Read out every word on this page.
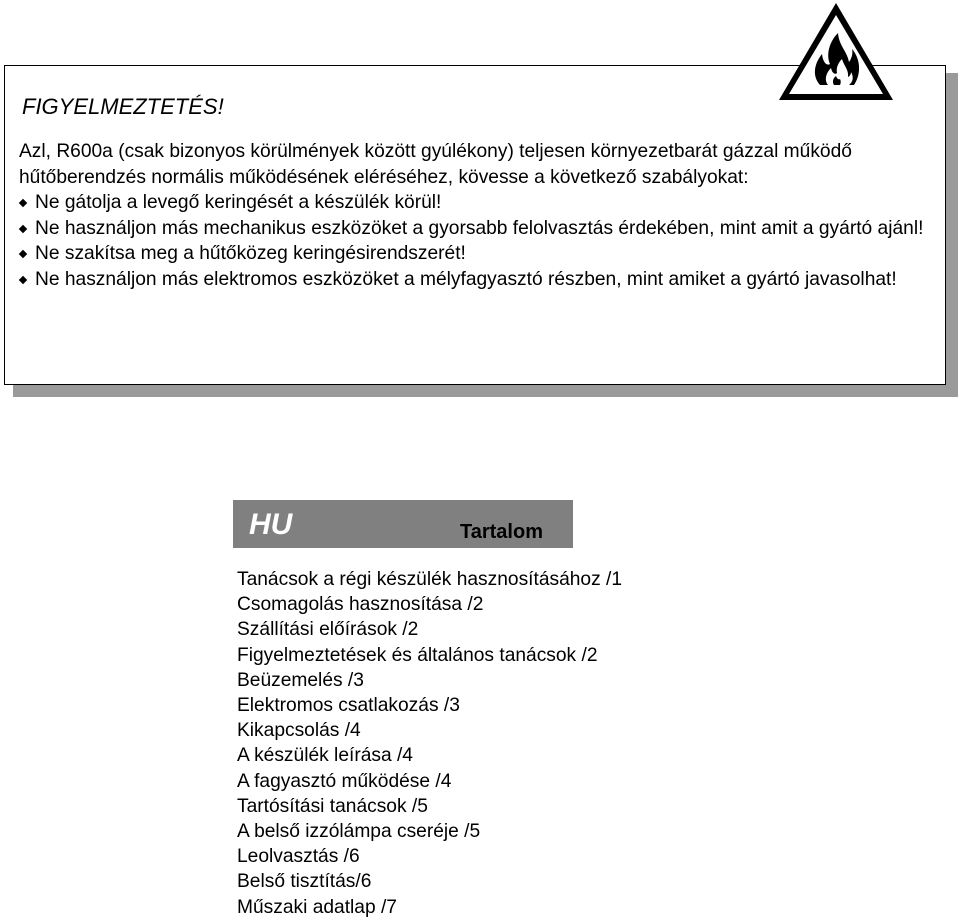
FIGYELMEZTETÉS!

Azl, R600a (csak bizonyos körülmények között gyúlékony) teljesen környezetbarát gázzal működő hűtőberendzés normális működésének eléréséhez, kövesse a következő szabályokat:

Ne gátolja a levegő keringését a készülék körül!
Ne használjon más mechanikus eszközöket a gyorsabb felolvasztás érdekében, mint amit a gyártó ajánl!
Ne szakítsa meg a hűtőközeg keringésirendszerét!
Ne használjon más elektromos eszközöket a mélyfagyasztó részben, mint amiket a gyártó javasolhat!
HU	Tartalom
Tanácsok a régi készülék hasznosításához /1
Csomagolás hasznosítása /2
Szállítási előírások /2
Figyelmeztetések és általános tanácsok /2
Beüzemelés /3
Elektromos csatlakozás /3
Kikapcsolás /4
A készülék leírása /4
A fagyasztó működése /4
Tartósítási tanácsok /5
A belső izzólámpa cseréje /5
Leolvasztás /6
Belső tisztítás/6
Műszaki adatlap /7
